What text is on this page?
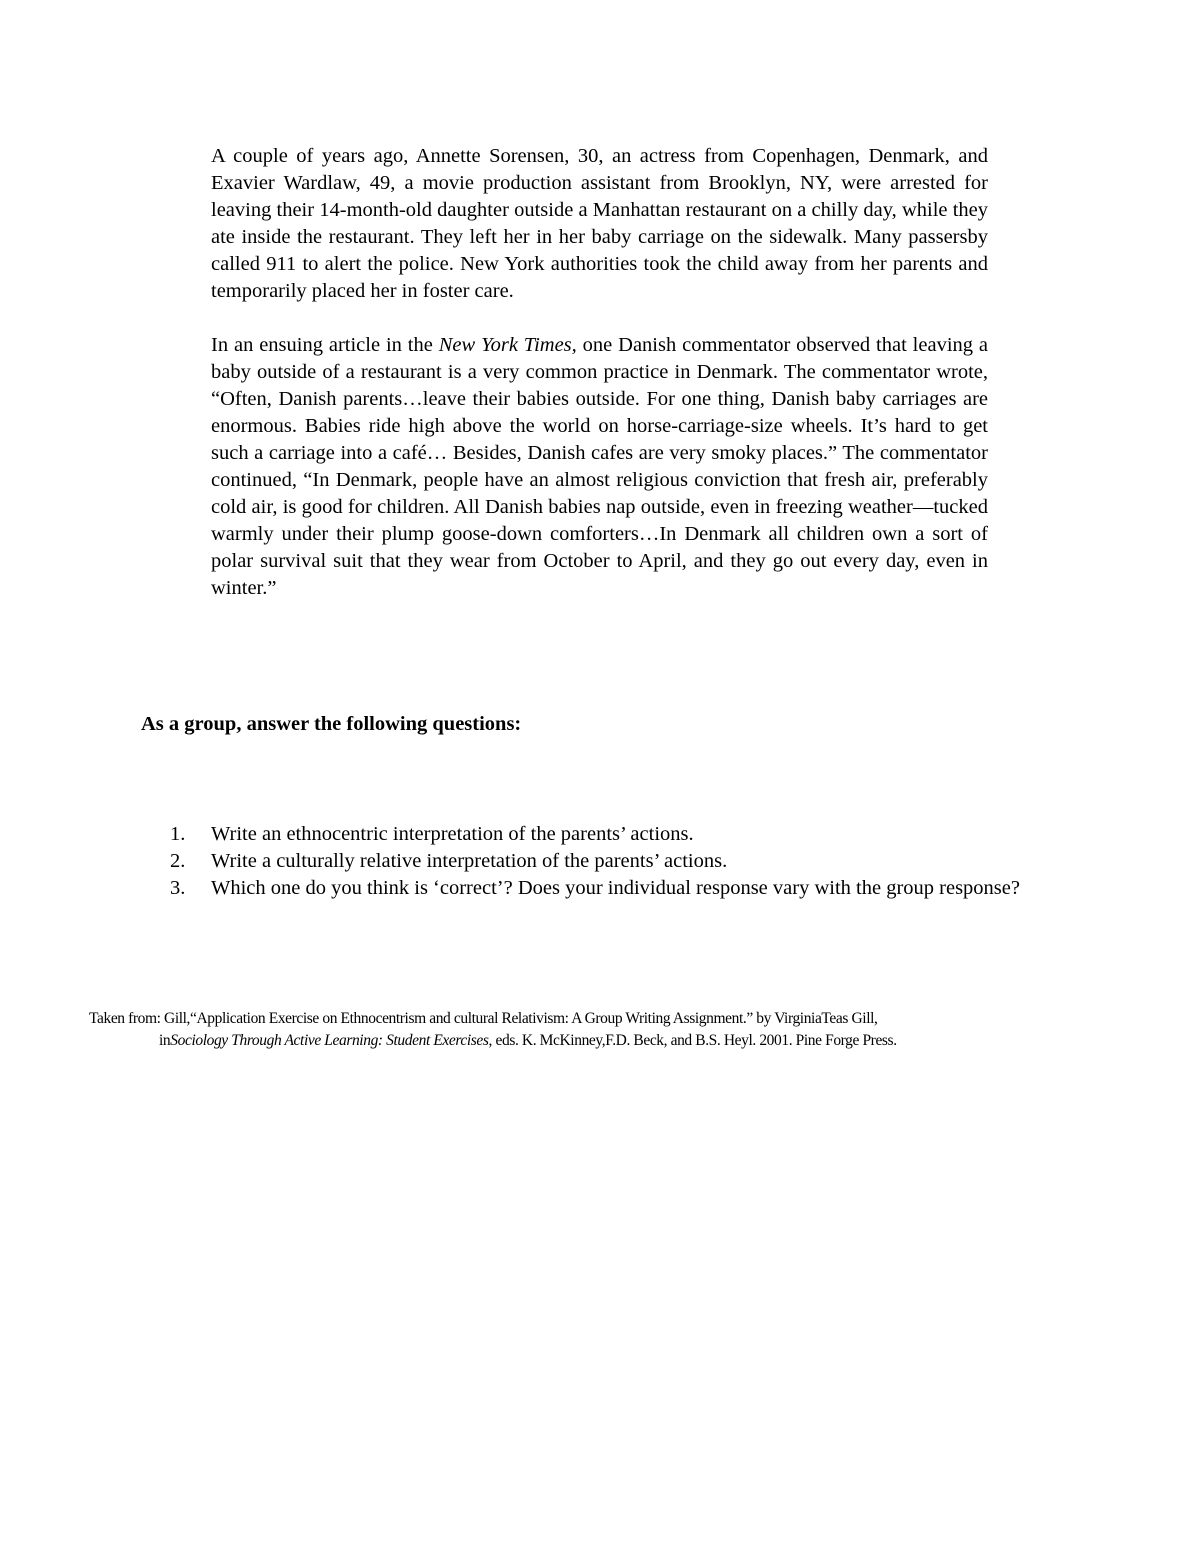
A couple of years ago, Annette Sorensen, 30, an actress from Copenhagen, Denmark, and Exavier Wardlaw, 49, a movie production assistant from Brooklyn, NY, were arrested for leaving their 14-month-old daughter outside a Manhattan restaurant on a chilly day, while they ate inside the restaurant. They left her in her baby carriage on the sidewalk. Many passersby called 911 to alert the police. New York authorities took the child away from her parents and temporarily placed her in foster care.

In an ensuing article in the New York Times, one Danish commentator observed that leaving a baby outside of a restaurant is a very common practice in Denmark. The commentator wrote, “Often, Danish parents…leave their babies outside. For one thing, Danish baby carriages are enormous. Babies ride high above the world on horse-carriage-size wheels. It’s hard to get such a carriage into a café… Besides, Danish cafes are very smoky places.” The commentator continued, “In Denmark, people have an almost religious conviction that fresh air, preferably cold air, is good for children. All Danish babies nap outside, even in freezing weather—tucked warmly under their plump goose-down comforters…In Denmark all children own a sort of polar survival suit that they wear from October to April, and they go out every day, even in winter.”

As a group, answer the following questions:
1.	Write an ethnocentric interpretation of the parents’ actions.
2.	Write a culturally relative interpretation of the parents’ actions.
3.	Which one do you think is ‘correct’? Does your individual response vary with the group response?
Taken from: Gill,“Application Exercise on Ethnocentrism and cultural Relativism: A Group Writing Assignment.” by VirginiaTeas Gill,
inSociology Through Active Learning: Student Exercises, eds. K. McKinney,F.D. Beck, and B.S. Heyl. 2001. Pine Forge Press.
